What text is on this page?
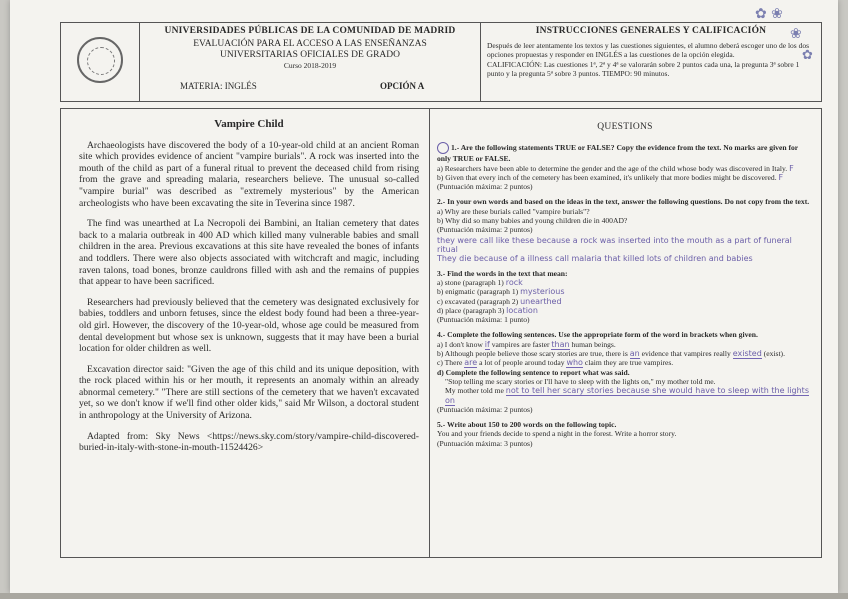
UNIVERSIDADES PÚBLICAS DE LA COMUNIDAD DE MADRID
EVALUACIÓN PARA EL ACCESO A LAS ENSEÑANZAS
UNIVERSITARIAS OFICIALES DE GRADO
Curso 2018-2019
MATERIA: INGLÉS	OPCIÓN A
INSTRUCCIONES GENERALES Y CALIFICACIÓN
Después de leer atentamente los textos y las cuestiones siguientes, el alumno deberá escoger uno de los dos opciones propuestas y responder en INGLÉS a las cuestiones de la opción elegida.
CALIFICACIÓN: Las cuestiones 1ª, 2ª y 4ª se valorarán sobre 2 puntos cada una, la pregunta 3ª sobre 1 punto y la pregunta 5ª sobre 3 puntos. TIEMPO: 90 minutos.

Vampire Child

Archaeologists have discovered the body of a 10-year-old child at an ancient Roman site which provides evidence of ancient "vampire burials". A rock was inserted into the mouth of the child as part of a funeral ritual to prevent the deceased child from rising from the grave and spreading malaria, researchers believe. The unusual so-called "vampire burial" was described as "extremely mysterious" by the American archeologists who have been excavating the site in Teverina since 1987.

The find was unearthed at La Necropoli dei Bambini, an Italian cemetery that dates back to a malaria outbreak in 400 AD which killed many vulnerable babies and small children in the area. Previous excavations at this site have revealed the bones of infants and toddlers. There were also objects associated with witchcraft and magic, including raven talons, toad bones, bronze cauldrons filled with ash and the remains of puppies that appear to have been sacrificed.

Researchers had previously believed that the cemetery was designated exclusively for babies, toddlers and unborn fetuses, since the eldest body found had been a three-year-old girl. However, the discovery of the 10-year-old, whose age could be measured from dental development but whose sex is unknown, suggests that it may have been a burial location for older children as well.

Excavation director said: "Given the age of this child and its unique deposition, with the rock placed within his or her mouth, it represents an anomaly within an already abnormal cemetery." "There are still sections of the cemetery that we haven't excavated yet, so we don't know if we'll find other older kids," said Mr Wilson, a doctoral student in anthropology at the University of Arizona.

Adapted from: Sky News <https://news.sky.com/story/vampire-child-discovered-buried-in-italy-with-stone-in-mouth-11524426>

QUESTIONS
1.- Are the following statements TRUE or FALSE? Copy the evidence from the text. No marks are given for only TRUE or FALSE.
a) Researchers have been able to determine the gender and the age of the child whose body was discovered in Italy. F
b) Given that every inch of the cemetery has been examined, it's unlikely that more bodies might be discovered. F
(Puntuación máxima: 2 puntos)
2.- In your own words and based on the ideas in the text, answer the following questions. Do not copy from the text.
a) Why are these burials called "vampire burials"?
b) Why did so many babies and young children die in 400AD?
(Puntuación máxima: 2 puntos)
they were call like these because a rock was inserted into the mouth as a part of funeral ritual
They die because of a illness call malaria that killed lots of children and babies
3.- Find the words in the text that mean:
a) stone (paragraph 1) rock
b) enigmatic (paragraph 1) mysterious
c) excavated (paragraph 2) unearthed
d) place (paragraph 3) location
(Puntuación máxima: 1 punto)
4.- Complete the following sentences. Use the appropriate form of the word in brackets when given.
a) I don't know if vampires are faster than human beings.
b) Although people believe those scary stories are true, there is an evidence that vampires really existed (exist).
c) There are a lot of people around today who claim they are true vampires.
d) Complete the following sentence to report what was said.
"Stop telling me scary stories or I'll have to sleep with the lights on," my mother told me.
My mother told me not to tell her scary stories because she would have to sleep with the lights on
(Puntuación máxima: 2 puntos)
5.- Write about 150 to 200 words on the following topic.
You and your friends decide to spend a night in the forest. Write a horror story.
(Puntuación máxima: 3 puntos)
✿ ❀
❀
✿
